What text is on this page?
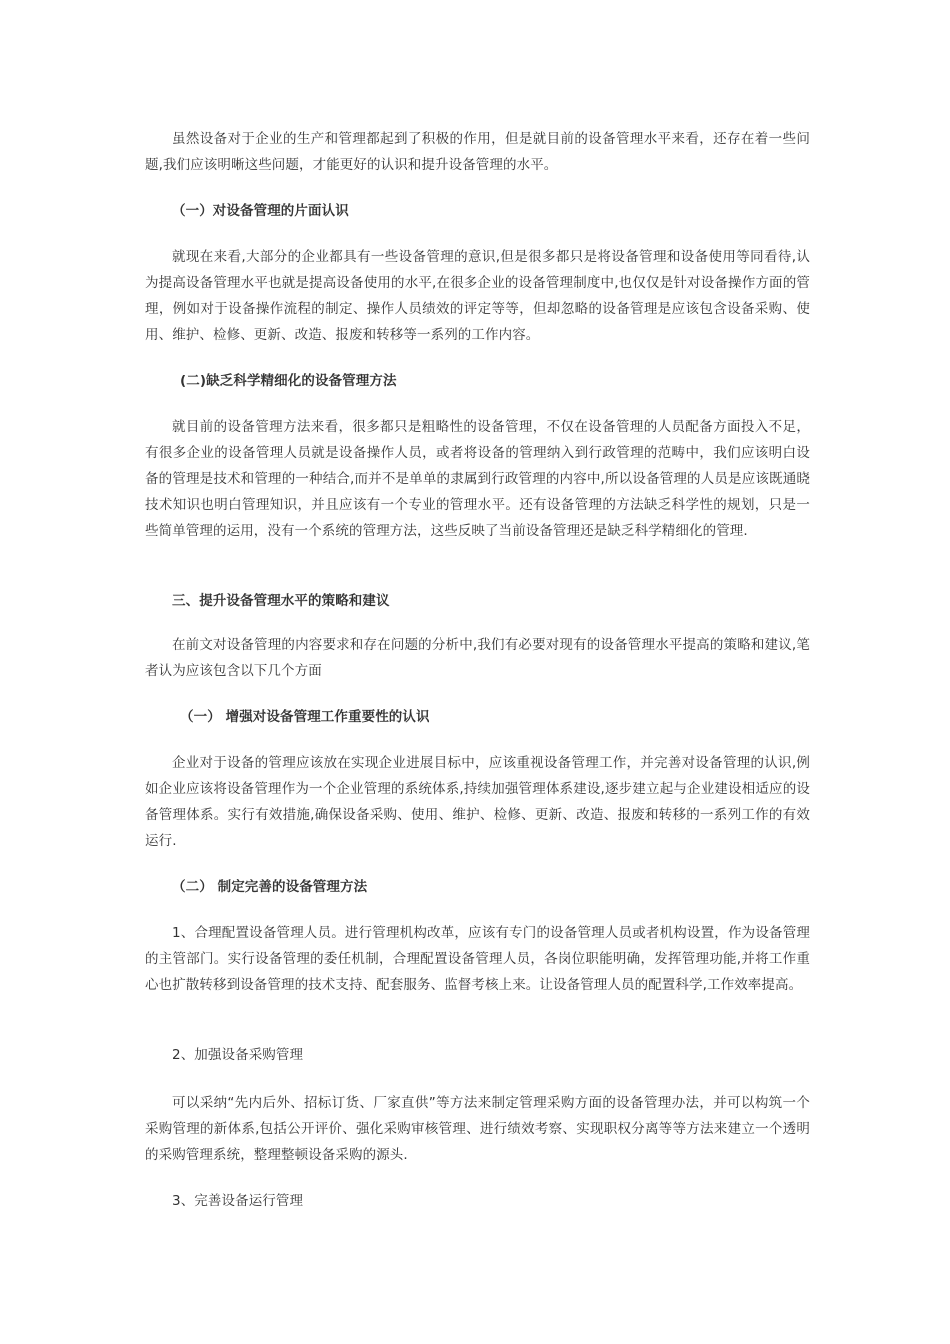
虽然设备对于企业的生产和管理都起到了积极的作用，但是就目前的设备管理水平来看，还存在着一些问题,我们应该明晰这些问题，才能更好的认识和提升设备管理的水平。

（一）对设备管理的片面认识

就现在来看,大部分的企业都具有一些设备管理的意识,但是很多都只是将设备管理和设备使用等同看待,认为提高设备管理水平也就是提高设备使用的水平,在很多企业的设备管理制度中,也仅仅是针对设备操作方面的管理，例如对于设备操作流程的制定、操作人员绩效的评定等等，但却忽略的设备管理是应该包含设备采购、使用、维护、检修、更新、改造、报废和转移等一系列的工作内容。

(二)缺乏科学精细化的设备管理方法

就目前的设备管理方法来看，很多都只是粗略性的设备管理，不仅在设备管理的人员配备方面投入不足，有很多企业的设备管理人员就是设备操作人员，或者将设备的管理纳入到行政管理的范畴中，我们应该明白设备的管理是技术和管理的一种结合,而并不是单单的隶属到行政管理的内容中,所以设备管理的人员是应该既通晓技术知识也明白管理知识，并且应该有一个专业的管理水平。还有设备管理的方法缺乏科学性的规划，只是一些简单管理的运用，没有一个系统的管理方法，这些反映了当前设备管理还是缺乏科学精细化的管理.

三、提升设备管理水平的策略和建议

在前文对设备管理的内容要求和存在问题的分析中,我们有必要对现有的设备管理水平提高的策略和建议,笔者认为应该包含以下几个方面

（一） 增强对设备管理工作重要性的认识

企业对于设备的管理应该放在实现企业进展目标中，应该重视设备管理工作，并完善对设备管理的认识,例如企业应该将设备管理作为一个企业管理的系统体系,持续加强管理体系建设,逐步建立起与企业建设相适应的设备管理体系。实行有效措施,确保设备采购、使用、维护、检修、更新、改造、报废和转移的一系列工作的有效运行.

（二） 制定完善的设备管理方法

1、合理配置设备管理人员。进行管理机构改革，应该有专门的设备管理人员或者机构设置，作为设备管理的主管部门。实行设备管理的委任机制，合理配置设备管理人员，各岗位职能明确，发挥管理功能,并将工作重心也扩散转移到设备管理的技术支持、配套服务、监督考核上来。让设备管理人员的配置科学,工作效率提高。

2、加强设备采购管理

可以采纳“先内后外、招标订货、厂家直供”等方法来制定管理采购方面的设备管理办法，并可以构筑一个采购管理的新体系,包括公开评价、强化采购审核管理、进行绩效考察、实现职权分离等等方法来建立一个透明的采购管理系统，整理整顿设备采购的源头.

3、完善设备运行管理
